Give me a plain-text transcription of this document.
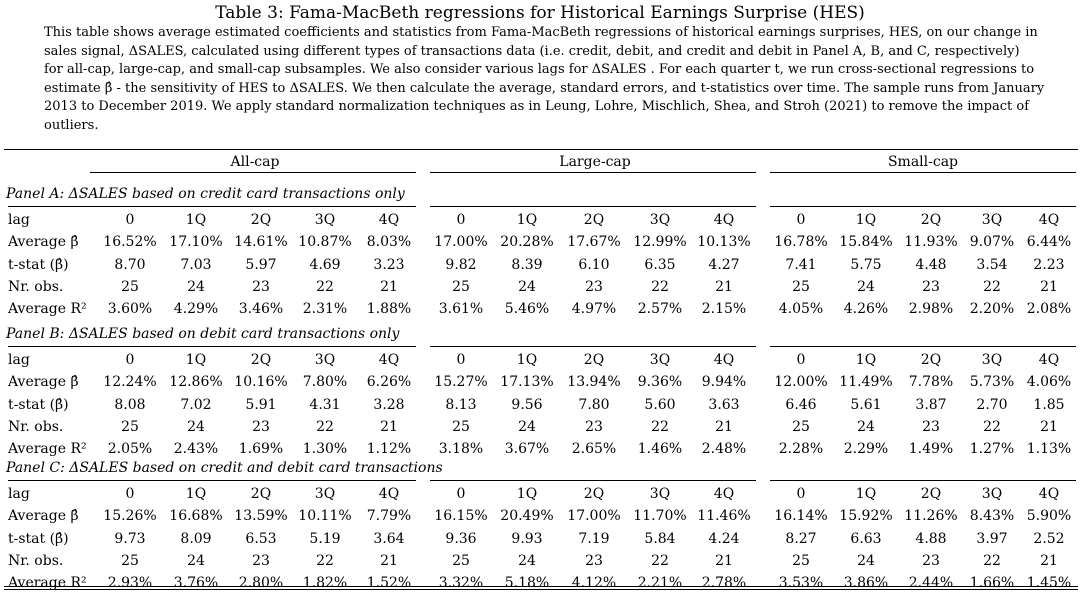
Table 3: Fama-MacBeth regressions for Historical Earnings Surprise (HES)
This table shows average estimated coefficients and statistics from Fama-MacBeth regressions of historical earnings surprises, HES, on our change in
sales signal, ΔSALES, calculated using different types of transactions data (i.e. credit, debit, and credit and debit in Panel A, B, and C, respectively)
for all-cap, large-cap, and small-cap subsamples. We also consider various lags for ΔSALES . For each quarter t, we run cross-sectional regressions to
estimate β̂ - the sensitivity of HES to ΔSALES. We then calculate the average, standard errors, and t-statistics over time. The sample runs from January
2013 to December 2019. We apply standard normalization techniques as in Leung, Lohre, Mischlich, Shea, and Stroh (2021) to remove the impact of
outliers.
All-cap	Large-cap	Small-cap
Panel A: ΔSALES based on credit card transactions only
lag	0	1Q	2Q	3Q	4Q	0	1Q	2Q	3Q	4Q	0	1Q	2Q	3Q	4Q
Average β̂ 16.52% 17.10% 14.61% 10.87%	8.03%	17.00% 20.28% 17.67% 12.99% 10.13% 16.78% 15.84% 11.93% 9.07% 6.44%
t-stat (β̂)	8.70	7.03	5.97	4.69	3.23	9.82	8.39	6.10	6.35	4.27	7.41	5.75	4.48	3.54	2.23
Nr. obs.	25	24	23	22	21	25	24	23	22	21	25	24	23	22	21
Average R²	3.60%	4.29%	3.46%	2.31%	1.88%	3.61%	5.46%	4.97%	2.57%	2.15%	4.05%	4.26%	2.98%	2.20% 2.08%
Panel B: ΔSALES based on debit card transactions only
lag	0	1Q	2Q	3Q	4Q	0	1Q	2Q	3Q	4Q	0	1Q	2Q	3Q	4Q
Average β̂ 12.24% 12.86% 10.16%	7.80%	6.26%	15.27% 17.13% 13.94%	9.36%	9.94%	12.00% 11.49%	7.78%	5.73% 4.06%
t-stat (β̂)	8.08	7.02	5.91	4.31	3.28	8.13	9.56	7.80	5.60	3.63	6.46	5.61	3.87	2.70	1.85
Nr. obs.	25	24	23	22	21	25	24	23	22	21	25	24	23	22	21
Average R²	2.05%	2.43%	1.69%	1.30%	1.12%	3.18%	3.67%	2.65%	1.46%	2.48%	2.28%	2.29%	1.49%	1.27% 1.13%
Panel C: ΔSALES based on credit and debit card transactions
lag	0	1Q	2Q	3Q	4Q	0	1Q	2Q	3Q	4Q	0	1Q	2Q	3Q	4Q
Average β̂ 15.26% 16.68% 13.59% 10.11%	7.79%	16.15% 20.49% 17.00% 11.70% 11.46% 16.14% 15.92% 11.26% 8.43% 5.90%
t-stat (β̂)	9.73	8.09	6.53	5.19	3.64	9.36	9.93	7.19	5.84	4.24	8.27	6.63	4.88	3.97	2.52
Nr. obs.	25	24	23	22	21	25	24	23	22	21	25	24	23	22	21
Average R²	2.93%	3.76%	2.80%	1.82%	1.52%	3.32%	5.18%	4.12%	2.21%	2.78%	3.53%	3.86%	2.44%	1.66% 1.45%
